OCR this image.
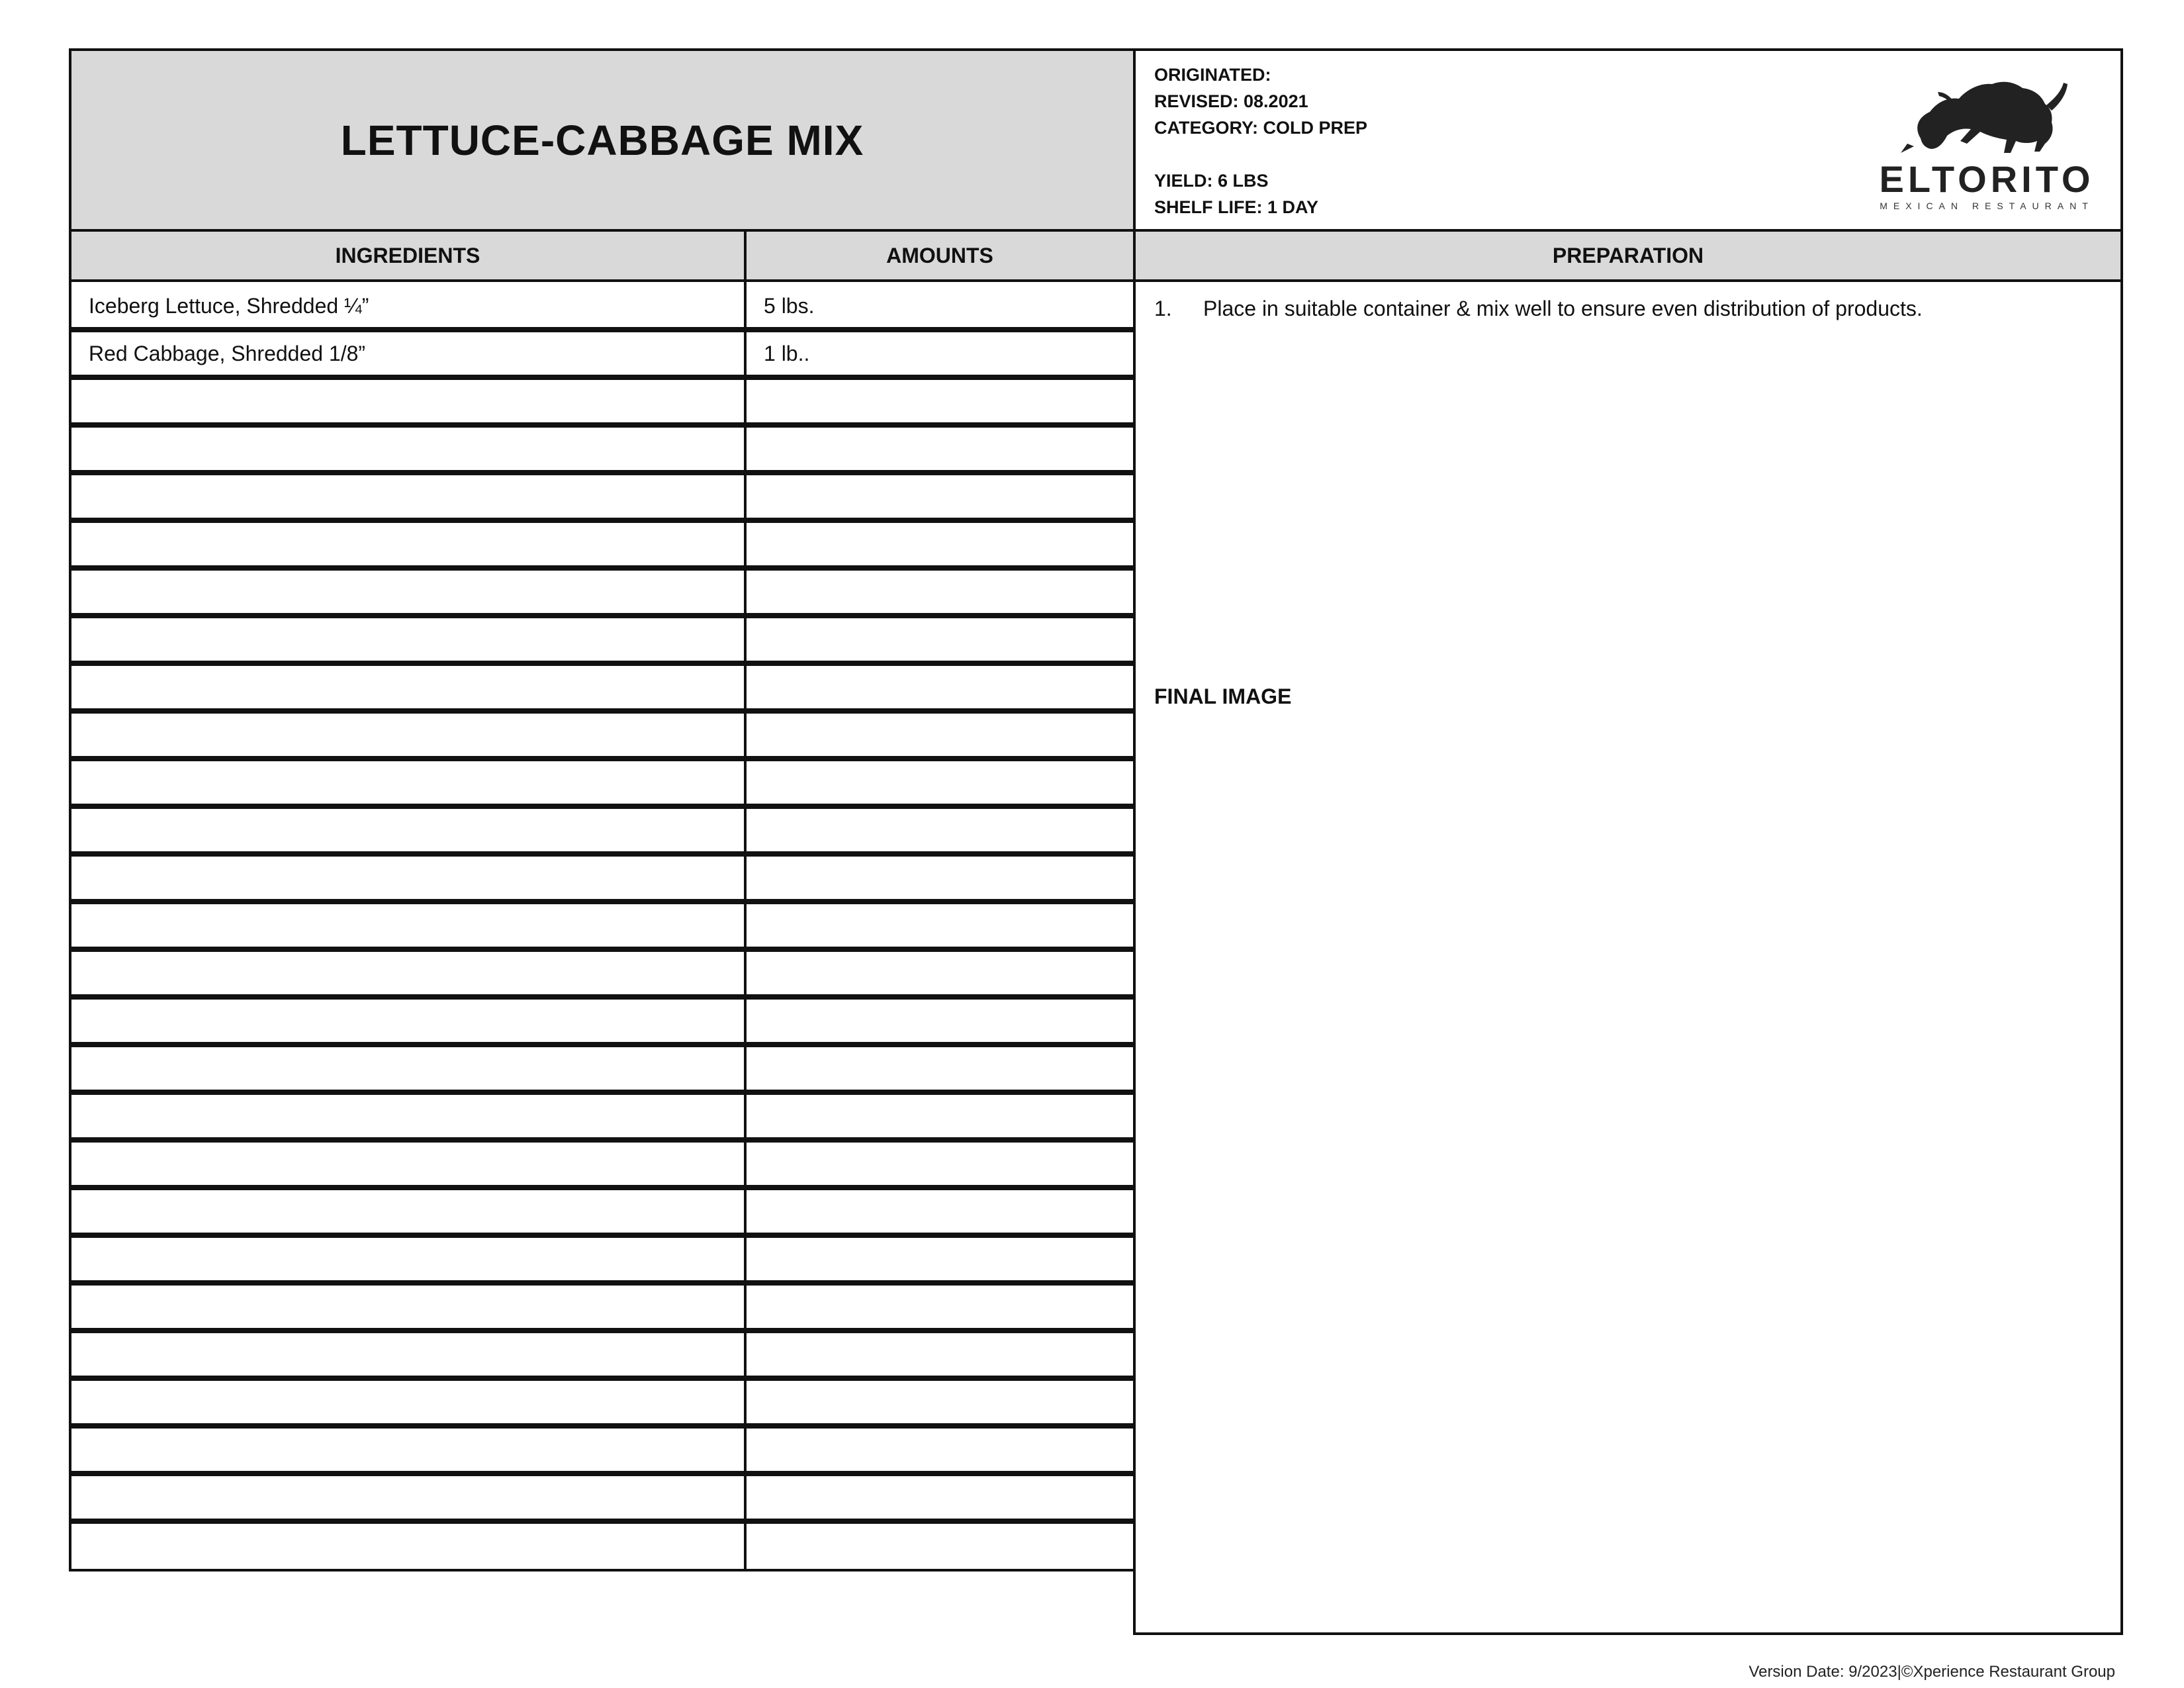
LETTUCE-CABBAGE MIX
ORIGINATED:
REVISED: 08.2021
CATEGORY: COLD PREP
YIELD: 6 LBS
SHELF LIFE: 1 DAY
ELTORITO
MEXICAN RESTAURANT
INGREDIENTS	AMOUNTS	PREPARATION
Iceberg Lettuce, Shredded ¼”	5 lbs.
Red Cabbage, Shredded 1/8”	1 lb..
1.	Place in suitable container & mix well to ensure even distribution of products.
FINAL IMAGE
Version Date: 9/2023|©Xperience Restaurant Group
